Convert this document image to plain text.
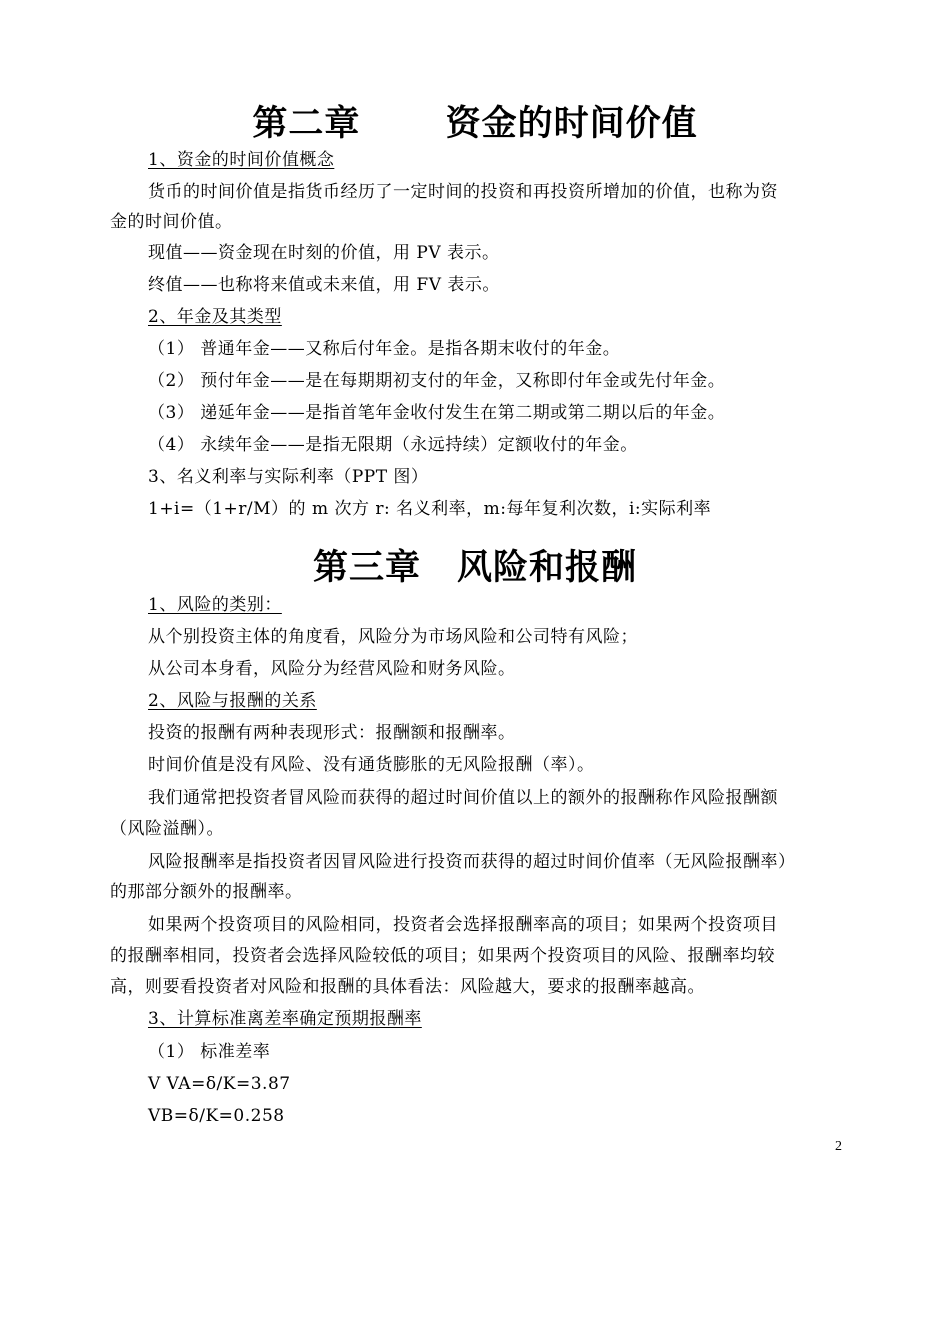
第二章　　 资金的时间价值
1、资金的时间价值概念
货币的时间价值是指货币经历了一定时间的投资和再投资所增加的价值，也称为资
金的时间价值。
现值——资金现在时刻的价值，用 PV 表示。
终值——也称将来值或未来值，用 FV 表示。
2、年金及其类型
（1） 普通年金——又称后付年金。是指各期末收付的年金。
（2） 预付年金——是在每期期初支付的年金，又称即付年金或先付年金。
（3） 递延年金——是指首笔年金收付发生在第二期或第二期以后的年金。
（4） 永续年金——是指无限期（永远持续）定额收付的年金。
3、名义利率与实际利率（PPT 图）
1+i=（1+r/M）的 m 次方 r: 名义利率，m:每年复利次数，i:实际利率
第三章　风险和报酬
1、风险的类别：
从个别投资主体的角度看，风险分为市场风险和公司特有风险；
从公司本身看，风险分为经营风险和财务风险。
2、风险与报酬的关系
投资的报酬有两种表现形式：报酬额和报酬率。
时间价值是没有风险、没有通货膨胀的无风险报酬（率）。
我们通常把投资者冒风险而获得的超过时间价值以上的额外的报酬称作风险报酬额
（风险溢酬）。
风险报酬率是指投资者因冒风险进行投资而获得的超过时间价值率（无风险报酬率）
的那部分额外的报酬率。
如果两个投资项目的风险相同，投资者会选择报酬率高的项目；如果两个投资项目
的报酬率相同，投资者会选择风险较低的项目；如果两个投资项目的风险、报酬率均较
高，则要看投资者对风险和报酬的具体看法：风险越大，要求的报酬率越高。
3、计算标准离差率确定预期报酬率
（1） 标准差率
V VA=δ/K=3.87
VB=δ/K=0.258
2
